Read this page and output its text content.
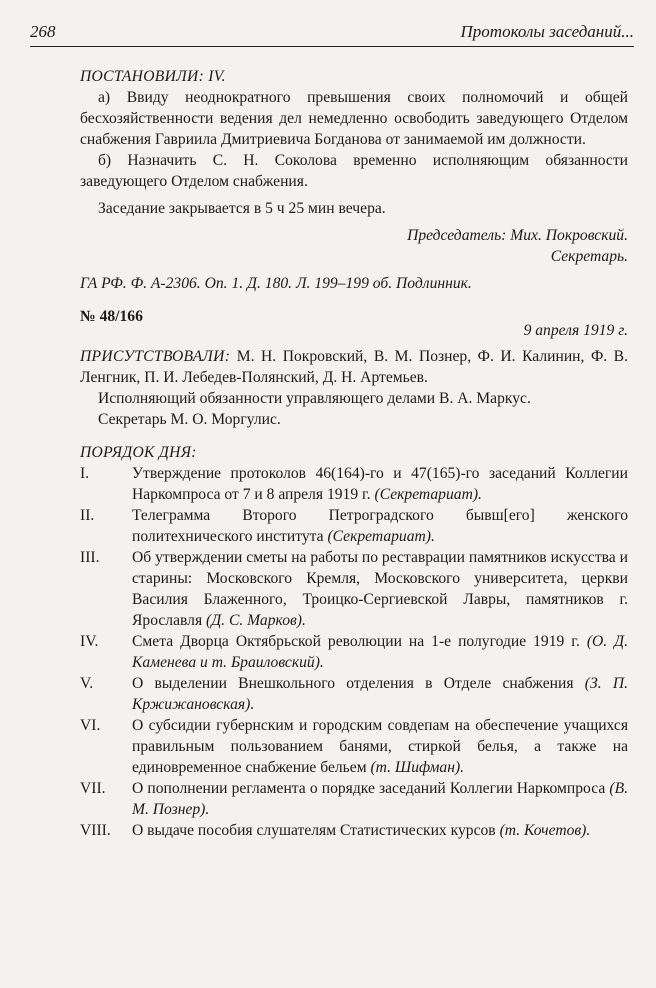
268	Протоколы заседаний...

ПОСТАНОВИЛИ: IV.

а) Ввиду неоднократного превышения своих полномочий и общей бесхозяйственности ведения дел немедленно освободить заведующего Отделом снабжения Гавриила Дмитриевича Богданова от занимаемой им должности.

б) Назначить С. Н. Соколова временно исполняющим обязанности заведующего Отделом снабжения.

Заседание закрывается в 5 ч 25 мин вечера.

Председатель: Мих. Покровский.
Секретарь.

ГА РФ. Ф. А-2306. Оп. 1. Д. 180. Л. 199–199 об. Подлинник.

№ 48/166
9 апреля 1919 г.

ПРИСУТСТВОВАЛИ: М. Н. Покровский, В. М. Познер, Ф. И. Калинин, Ф. В. Ленгник, П. И. Лебедев-Полянский, Д. Н. Артемьев.

Исполняющий обязанности управляющего делами В. А. Маркус.

Секретарь М. О. Моргулис.

ПОРЯДОК ДНЯ:

I.	Утверждение протоколов 46(164)-го и 47(165)-го заседаний Коллегии Наркомпроса от 7 и 8 апреля 1919 г. (Секретариат).
II.	Телеграмма Второго Петроградского бывш[его] женского политехнического института (Секретариат).
III.	Об утверждении сметы на работы по реставрации памятников искусства и старины: Московского Кремля, Московского университета, церкви Василия Блаженного, Троицко-Сергиевской Лавры, памятников г. Ярославля (Д. С. Марков).
IV.	Смета Дворца Октябрьской революции на 1-е полугодие 1919 г. (О. Д. Каменева и т. Браиловский).
V.	О выделении Внешкольного отделения в Отделе снабжения (З. П. Кржижановская).
VI.	О субсидии губернским и городским совдепам на обеспечение учащихся правильным пользованием банями, стиркой белья, а также на единовременное снабжение бельем (т. Шифман).
VII.	О пополнении регламента о порядке заседаний Коллегии Наркомпроса (В. М. Познер).
VIII.	О выдаче пособия слушателям Статистических курсов (т. Кочетов).
